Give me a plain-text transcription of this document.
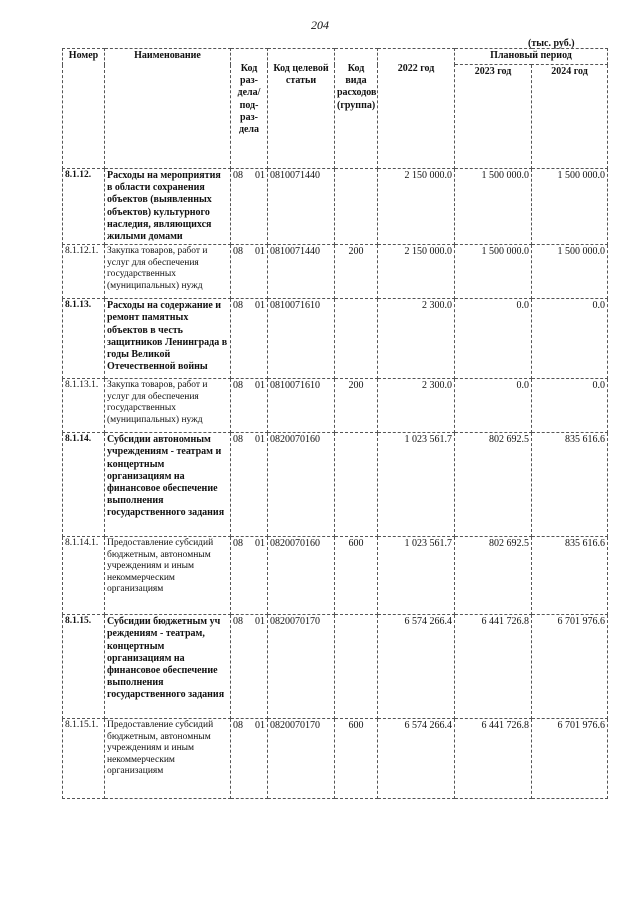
204
(тыс. руб.)
Номер	Наименование	Код раз- дела/ под- раз- дела	Код целевой статьи	Код вида расходов (группа)	2022 год	Плановый период	
						2023 год	2024 год
8.1.12.	Расходы на мероприятия в области сохранения объектов (выявленных объектов) культурного наследия, являющихся жилыми домами	08 01	0810071440		2 150 000.0	1 500 000.0	1 500 000.0
8.1.12.1.	Закупка товаров, работ и услуг для обеспечения государственных (муниципальных) нужд	08 01	0810071440	200	2 150 000.0	1 500 000.0	1 500 000.0
8.1.13.	Расходы на содержание и ремонт памятных объектов в честь защитников Ленинграда в годы Великой Отечественной войны	08 01	0810071610		2 300.0	0.0	0.0
8.1.13.1.	Закупка товаров, работ и услуг для обеспечения государственных (муниципальных) нужд	08 01	0810071610	200	2 300.0	0.0	0.0
8.1.14.	Субсидии автономным учреждениям - театрам и концертным организациям на финансовое обеспечение выполнения государственного задания	08 01	0820070160		1 023 561.7	802 692.5	835 616.6
8.1.14.1.	Предоставление субсидий бюджетным, автономным учреждениям и иным некоммерческим организациям	08 01	0820070160	600	1 023 561.7	802 692.5	835 616.6
8.1.15.	Субсидии бюджетным уч реждениям - театрам, концертным организациям на финансовое обеспечение выполнения государственного задания	08 01	0820070170		6 574 266.4	6 441 726.8	6 701 976.6
8.1.15.1.	Предоставление субсидий бюджетным, автономным учреждениям и иным некоммерческим организациям	08 01	0820070170	600	6 574 266.4	6 441 726.8	6 701 976.6
